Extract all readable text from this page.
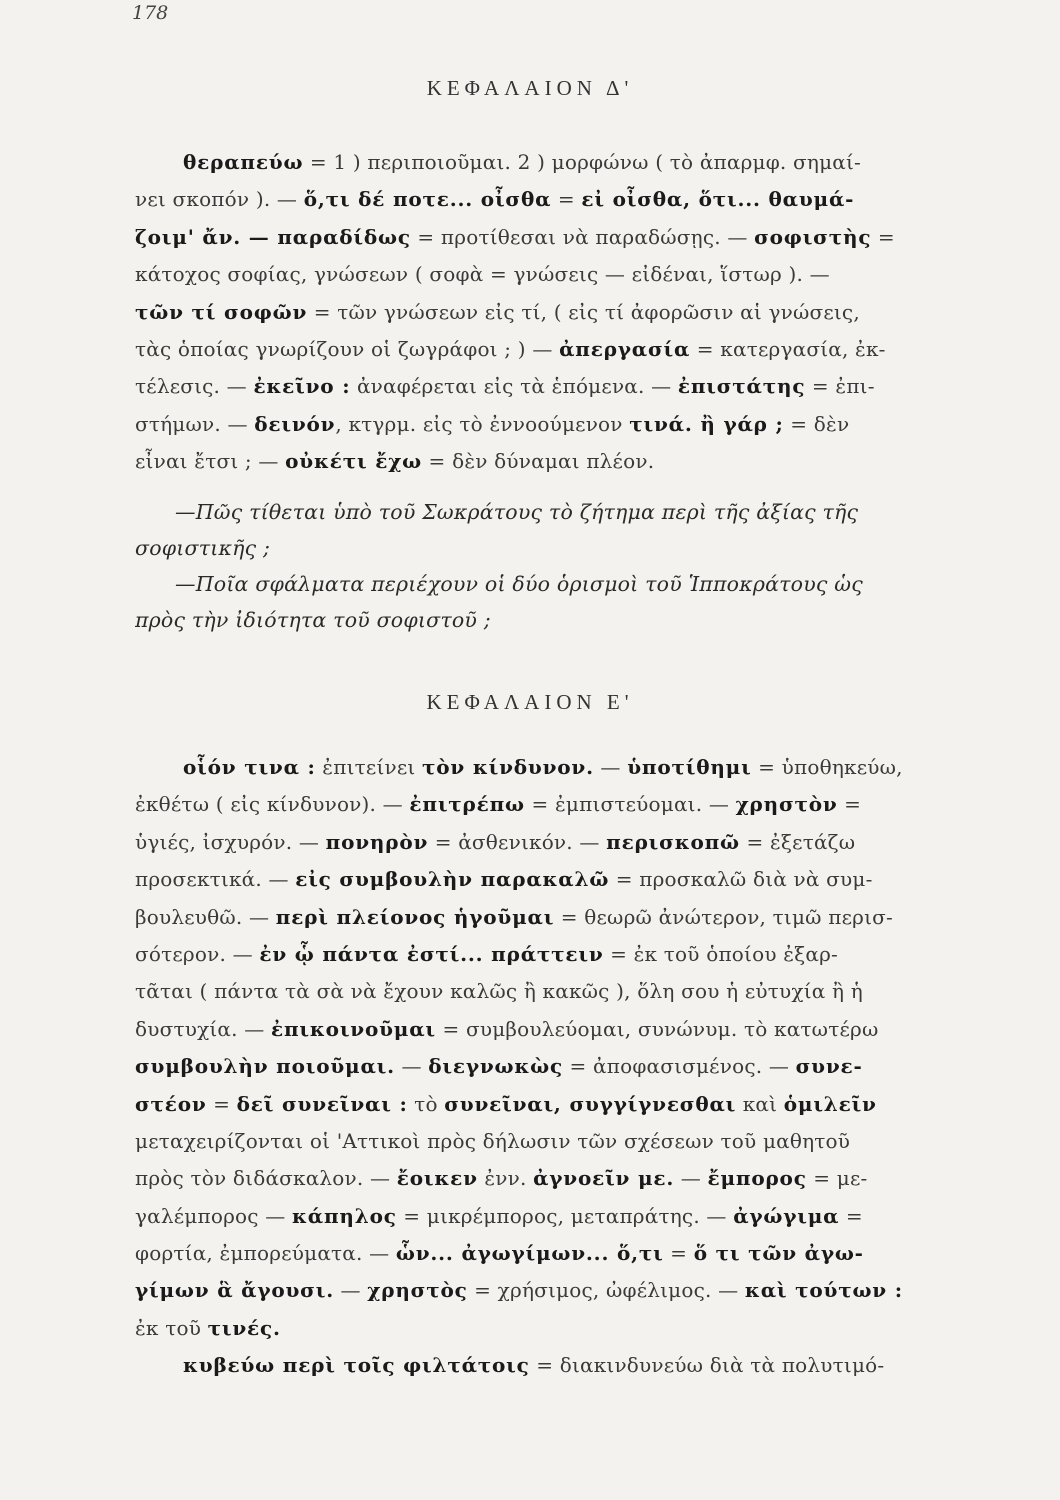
178
ΚΕΦΑΛΑΙΟΝ Δ'
θεραπεύω = 1 ) περιποιοῦμαι. 2 ) μορφώνω ( τὸ ἀπαρμφ. σημαί-
νει σκοπόν ). — ὅ,τι δέ ποτε... οἶσθα = εἰ οἶσθα, ὅτι... θαυμά-
ζοιμ' ἄν. — παραδίδως = προτίθεσαι νὰ παραδώσῃς. — σοφιστὴς =
κάτοχος σοφίας, γνώσεων ( σοφὰ = γνώσεις — εἰδέναι, ἵστωρ ). —
τῶν τί σοφῶν = τῶν γνώσεων εἰς τί, ( εἰς τί ἀφορῶσιν αἱ γνώσεις,
τὰς ὁποίας γνωρίζουν οἱ ζωγράφοι ; ) — ἀπεργασία = κατεργασία, ἐκ-
τέλεσις. — ἐκεῖνο : ἀναφέρεται εἰς τὰ ἑπόμενα. — ἐπιστάτης = ἐπι-
στήμων. — δεινόν, κτγρμ. εἰς τὸ ἐννοούμενον τινά. ἢ γάρ ; = δὲν
εἶναι ἔτσι ; — οὐκέτι ἔχω = δὲν δύναμαι πλέον.
—Πῶς τίθεται ὑπὸ τοῦ Σωκράτους τὸ ζήτημα περὶ τῆς ἀξίας τῆς
σοφιστικῆς ;
—Ποῖα σφάλματα περιέχουν οἱ δύο ὁρισμοὶ τοῦ Ἱπποκράτους ὡς
πρὸς τὴν ἰδιότητα τοῦ σοφιστοῦ ;
ΚΕΦΑΛΑΙΟΝ Ε'
οἷόν τινα : ἐπιτείνει τὸν κίνδυνον. — ὑποτίθημι = ὑποθηκεύω,
ἐκθέτω ( εἰς κίνδυνον). — ἐπιτρέπω = ἐμπιστεύομαι. — χρηστὸν =
ὑγιές, ἰσχυρόν. — πονηρὸν = ἀσθενικόν. — περισκοπῶ = ἐξετάζω
προσεκτικά. — εἰς συμβουλὴν παρακαλῶ = προσκαλῶ διὰ νὰ συμ-
βουλευθῶ. — περὶ πλείονος ἡγοῦμαι = θεωρῶ ἀνώτερον, τιμῶ περισ-
σότερον. — ἐν ᾧ πάντα ἐστί... πράττειν = ἐκ τοῦ ὁποίου ἐξαρ-
τᾶται ( πάντα τὰ σὰ νὰ ἔχουν καλῶς ἢ κακῶς ), ὅλη σου ἡ εὐτυχία ἢ ἡ
δυστυχία. — ἐπικοινοῦμαι = συμβουλεύομαι, συνώνυμ. τὸ κατωτέρω
συμβουλὴν ποιοῦμαι. — διεγνωκὼς = ἀποφασισμένος. — συνε-
στέον = δεῖ συνεῖναι : τὸ συνεῖναι, συγγίγνεσθαι καὶ ὁμιλεῖν
μεταχειρίζονται οἱ 'Αττικοὶ πρὸς δήλωσιν τῶν σχέσεων τοῦ μαθητοῦ
πρὸς τὸν διδάσκαλον. — ἔοικεν ἐνν. ἀγνοεῖν με. — ἔμπορος = με-
γαλέμπορος — κάπηλος = μικρέμπορος, μεταπράτης. — ἀγώγιμα =
φορτία, ἐμπορεύματα. — ὧν... ἀγωγίμων... ὅ,τι = ὅ τι τῶν ἀγω-
γίμων ἃ ἄγουσι. — χρηστὸς = χρήσιμος, ὠφέλιμος. — καὶ τούτων :
ἐκ τοῦ τινές.
κυβεύω περὶ τοῖς φιλτάτοις = διακινδυνεύω διὰ τὰ πολυτιμό-
